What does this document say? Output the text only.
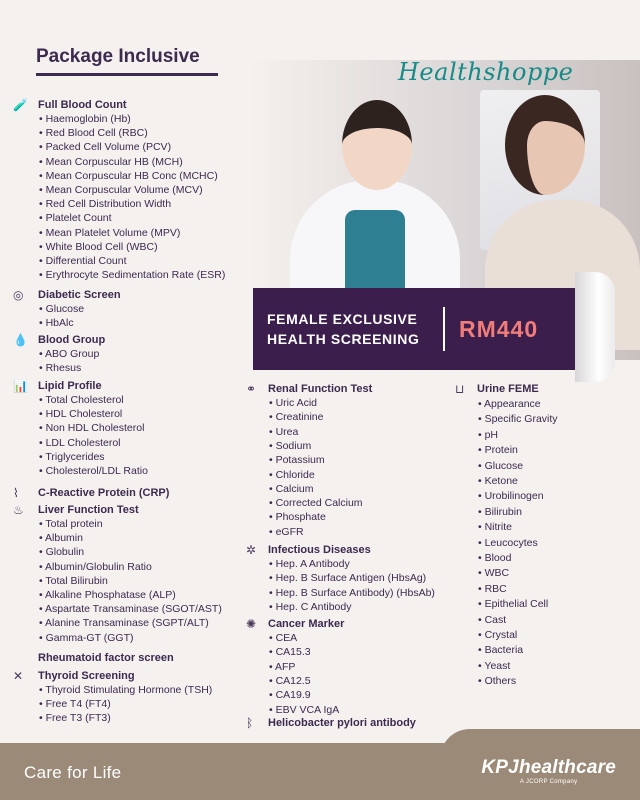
Healthshoppe
Package Inclusive
FEMALE EXCLUSIVE
HEALTH SCREENING	RM440
🧪 Full Blood Count
• Haemoglobin (Hb)
• Red Blood Cell (RBC)
• Packed Cell Volume (PCV)
• Mean Corpuscular HB (MCH)
• Mean Corpuscular HB Conc (MCHC)
• Mean Corpuscular Volume (MCV)
• Red Cell Distribution Width
• Platelet Count
• Mean Platelet Volume (MPV)
• White Blood Cell (WBC)
• Differential Count
• Erythrocyte Sedimentation Rate (ESR)
◎ Diabetic Screen
• Glucose
• HbAlc
💧 Blood Group
• ABO Group
• Rhesus
📊 Lipid Profile
• Total Cholesterol
• HDL Cholesterol
• Non HDL Cholesterol
• LDL Cholesterol
• Triglycerides
• Cholesterol/LDL Ratio
⌇ C-Reactive Protein (CRP)
♨ Liver Function Test
• Total protein
• Albumin
• Globulin
• Albumin/Globulin Ratio
• Total Bilirubin
• Alkaline Phosphatase (ALP)
• Aspartate Transaminase (SGOT/AST)
• Alanine Transaminase (SGPT/ALT)
• Gamma-GT (GGT)
Rheumatoid factor screen
✕ Thyroid Screening
• Thyroid Stimulating Hormone (TSH)
• Free T4 (FT4)
• Free T3 (FT3)
⚭ Renal Function Test
• Uric Acid
• Creatinine
• Urea
• Sodium
• Potassium
• Chloride
• Calcium
• Corrected Calcium
• Phosphate
• eGFR
✲ Infectious Diseases
• Hep. A Antibody
• Hep. B Surface Antigen (HbsAg)
• Hep. B Surface Antibody) (HbsAb)
• Hep. C Antibody
✺ Cancer Marker
• CEA
• CA15.3
• AFP
• CA12.5
• CA19.9
• EBV VCA IgA
ᛒ Helicobacter pylori antibody
⊔ Urine FEME
• Appearance
• Specific Gravity
• pH
• Protein
• Glucose
• Ketone
• Urobilinogen
• Bilirubin
• Nitrite
• Leucocytes
• Blood
• WBC
• RBC
• Epithelial Cell
• Cast
• Crystal
• Bacteria
• Yeast
• Others
Care for Life	KPJhealthcare
A JCORP Company
